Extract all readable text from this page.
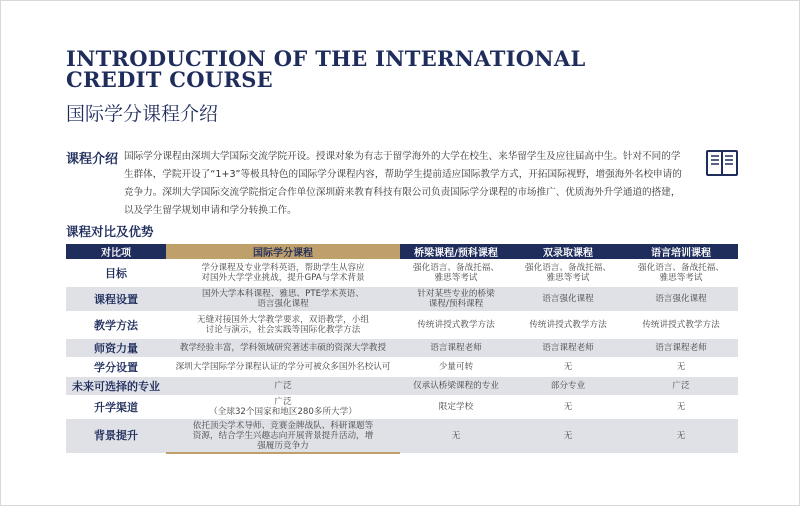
INTRODUCTION OF THE INTERNATIONAL
CREDIT COURSE
国际学分课程介绍
课程介绍 国际学分课程由深圳大学国际交流学院开设。授课对象为有志于留学海外的大学在校生、来华留学生及应往届高中生。针对不同的学生群体，学院开设了“1+3”等极具特色的国际学分课程内容，帮助学生提前适应国际教学方式，开拓国际视野，增强海外名校申请的竞争力。深圳大学国际交流学院指定合作单位深圳蔚来教育科技有限公司负责国际学分课程的市场推广、优质海外升学通道的搭建，以及学生留学规划申请和学分转换工作。
课程对比及优势
对比项	国际学分课程	桥梁课程/预科课程	双录取课程	语言培训课程
目标	学分课程及专业学科英语，帮助学生从容应
对国外大学学业挑战，提升GPA与学术背景	强化语言、备战托福、
雅思等考试	强化语言、备战托福、
雅思等考试	强化语言、备战托福、
雅思等考试
课程设置	国外大学本科课程、雅思、PTE学术英语、
语言强化课程	针对某些专业的桥梁
课程/预科课程	语言强化课程	语言强化课程
教学方法	无缝对接国外大学教学要求，双语教学，小组
讨论与演示，社会实践等国际化教学方法	传统讲授式教学方法	传统讲授式教学方法	传统讲授式教学方法
师资力量	教学经验丰富，学科领域研究著述丰硕的资深大学教授	语言课程老师	语言课程老师	语言课程老师
学分设置	深圳大学国际学分课程认证的学分可被众多国外名校认可	少量可转	无	无
未来可选择的专业	广泛	仅承认桥梁课程的专业	部分专业	广泛
升学渠道	广泛
（全球32个国家和地区280多所大学）	限定学校	无	无
背景提升	依托顶尖学术导师、竞赛金牌战队、科研课题等
资源，结合学生兴趣志向开展背景提升活动，增
强履历竞争力	无	无	无
